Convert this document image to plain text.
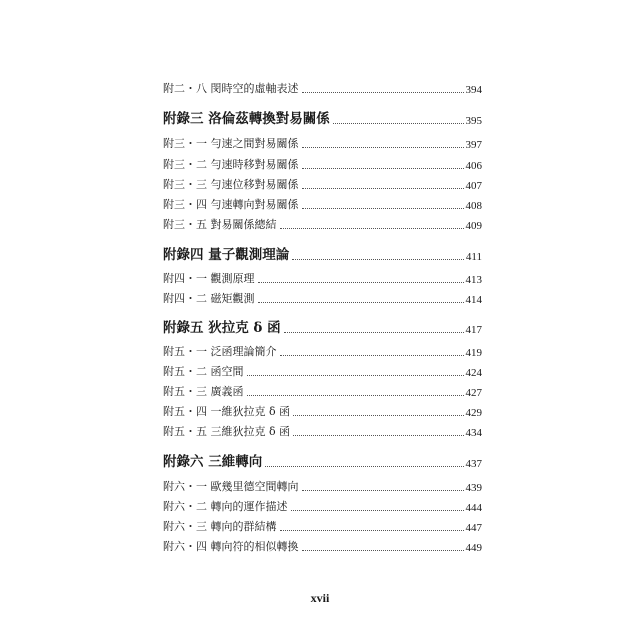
附二・八 閔時空的虛軸表述	394
附錄三 洛倫茲轉換對易關係	395
附三・一 勻速之間對易關係	397
附三・二 勻速時移對易關係	406
附三・三 勻速位移對易關係	407
附三・四 勻速轉向對易關係	408
附三・五 對易關係總結	409
附錄四 量子觀測理論	411
附四・一 觀測原理	413
附四・二 磁矩觀測	414
附錄五 狄拉克 δ 函	417
附五・一 泛函理論簡介	419
附五・二 函空間	424
附五・三 廣義函	427
附五・四 一維狄拉克 δ 函	429
附五・五 三維狄拉克 δ 函	434
附錄六 三維轉向	437
附六・一 歐幾里德空間轉向	439
附六・二 轉向的運作描述	444
附六・三 轉向的群結構	447
附六・四 轉向符的相似轉換	449
xvii
